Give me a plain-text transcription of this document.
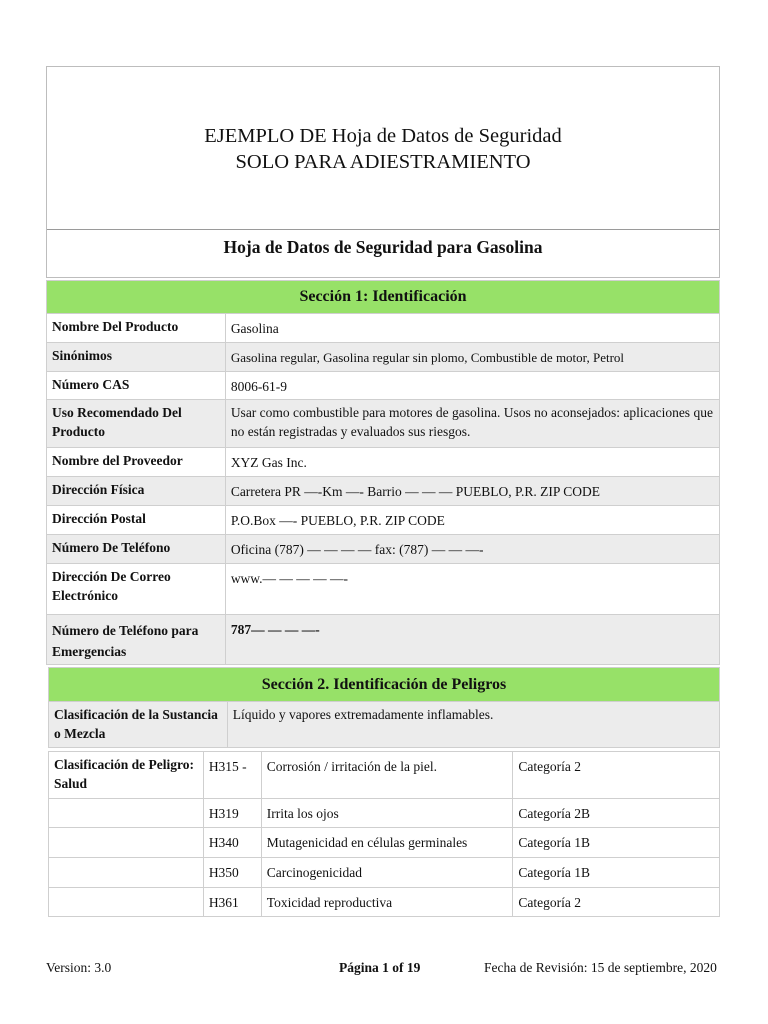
EJEMPLO DE Hoja de Datos de Seguridad
SOLO PARA ADIESTRAMIENTO
Hoja de Datos de Seguridad para Gasolina
Sección 1: Identificación	
Nombre Del Producto	Gasolina
Sinónimos	Gasolina regular, Gasolina regular sin plomo, Combustible de motor, Petrol
Número CAS	8006-61-9
Uso Recomendado Del Producto	Usar como combustible para motores de gasolina. Usos no aconsejados: aplicaciones que no están registradas y evaluados sus riesgos.
Nombre del Proveedor	XYZ Gas Inc.
Dirección Física	Carretera PR —-Km —- Barrio — — — PUEBLO, P.R. ZIP CODE
Dirección Postal	P.O.Box —- PUEBLO, P.R. ZIP CODE
Número De Teléfono	Oficina (787) — — — — fax: (787) — — —-
Dirección De Correo Electrónico	www.— — — — —-
Número de Teléfono para Emergencias	787— — — —-
Sección 2. Identificación de Peligros
Clasificación de la Sustancia o Mezcla	Líquido y vapores extremadamente inflamables.
Clasificación de Peligro: Salud	H315 -	Corrosión / irritación de la piel.	Categoría 2
	H319	Irrita los ojos	Categoría 2B
	H340	Mutagenicidad en células germinales	Categoría 1B
	H350	Carcinogenicidad	Categoría 1B
	H361	Toxicidad reproductiva	Categoría 2
Version: 3.0	Página 1 of 19	Fecha de Revisión: 15 de septiembre, 2020
